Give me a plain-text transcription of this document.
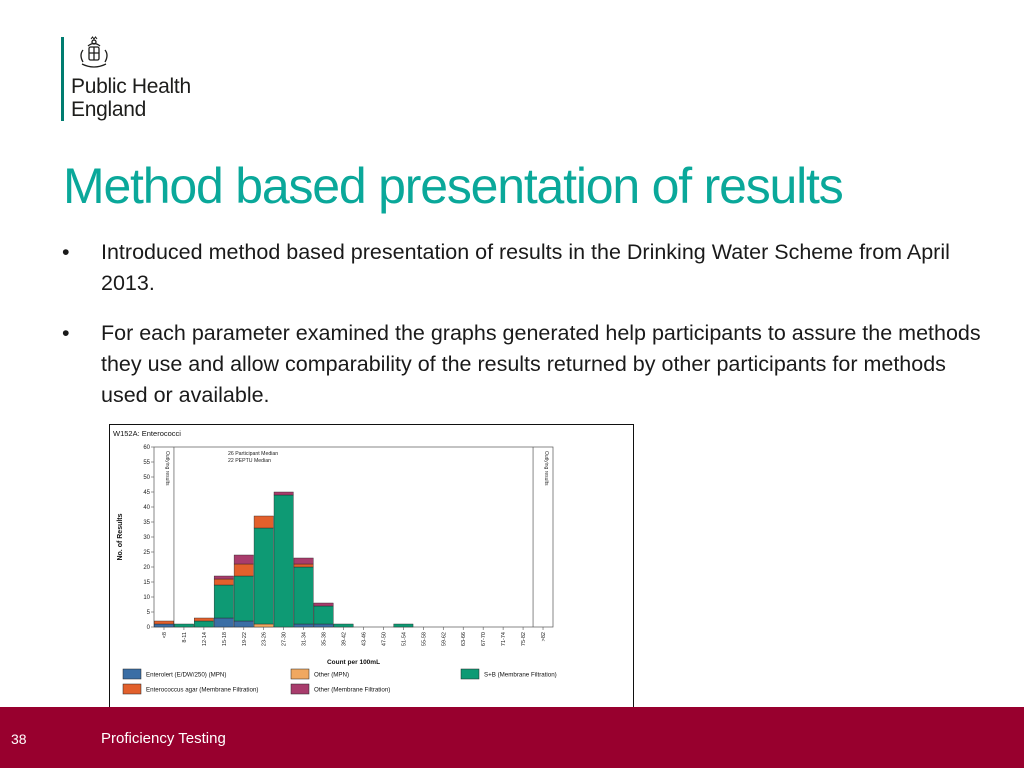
Public Health
England
Method based presentation of results
• Introduced method based presentation of results in the Drinking Water Scheme from April 2013.
• For each parameter examined the graphs generated help participants to assure the methods they use and allow comparability of the results returned by other participants for methods used or available.
W152A: Enterococci
Outlying results	Outlying results
26 Participant Median
22 PEPTU Median
0
5
10
15
20
25
30
35
40
45
50
55
60
No. of Results
<8	8-11	12-14	15-18	19-22	23-26	27-30	31-34	35-38	39-42	43-46	47-50	51-54	55-58	59-62	63-66	67-70	71-74	75-82	>82
Count per 100mL
Enterolert (E/DW/250) (MPN)	Other (MPN)	S+B (Membrane Filtration)
Enterococcus agar (Membrane Filtration)	Other (Membrane Filtration)
38	Proficiency Testing
